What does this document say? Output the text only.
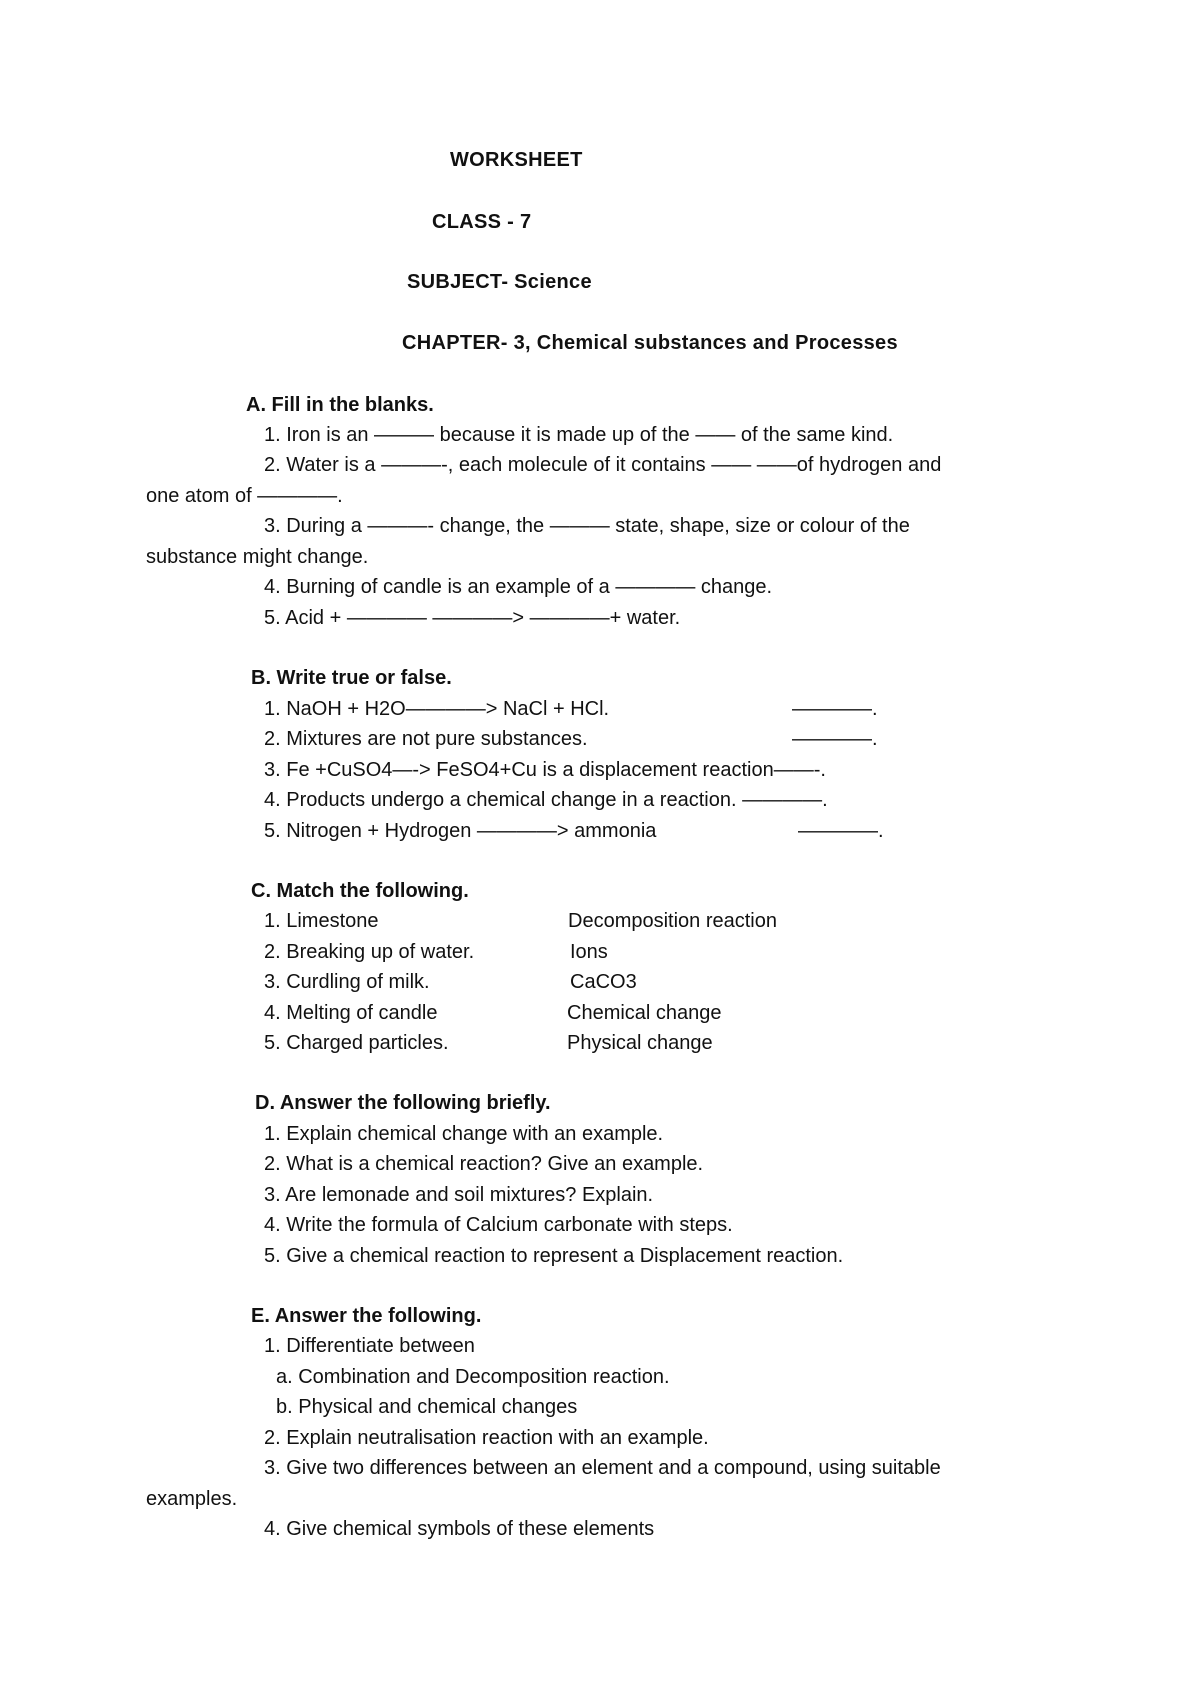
WORKSHEET
CLASS - 7
SUBJECT- Science
CHAPTER- 3, Chemical substances and Processes
A. Fill in the blanks.
1. Iron is an ——— because it is made up of the —— of the same kind.
2. Water is a ———-, each molecule of it contains —— ——of hydrogen and
one atom of ————.
3. During a ———- change, the ——— state, shape, size or colour of the
substance might change.
4. Burning of candle is an example of a ———— change.
5. Acid + ———— ————> ————+ water.
B. Write true or false.
1. NaOH + H2O————> NaCl + HCl.	————.
2. Mixtures are not pure substances.	————.
3. Fe +CuSO4—-> FeSO4+Cu is a displacement reaction——-.
4. Products undergo a chemical change in a reaction. ————.
5. Nitrogen + Hydrogen ————> ammonia	————.
C. Match the following.
1. Limestone	Decomposition reaction
2. Breaking up of water.	Ions
3. Curdling of milk.	CaCO3
4. Melting of candle	Chemical change
5. Charged particles.	Physical change
D. Answer the following briefly.
1. Explain chemical change with an example.
2. What is a chemical reaction? Give an example.
3. Are lemonade and soil mixtures? Explain.
4. Write the formula of Calcium carbonate with steps.
5. Give a chemical reaction to represent a Displacement reaction.
E. Answer the following.
1. Differentiate between
a. Combination and Decomposition reaction.
b. Physical and chemical changes
2. Explain neutralisation reaction with an example.
3. Give two differences between an element and a compound, using suitable
examples.
4. Give chemical symbols of these elements
